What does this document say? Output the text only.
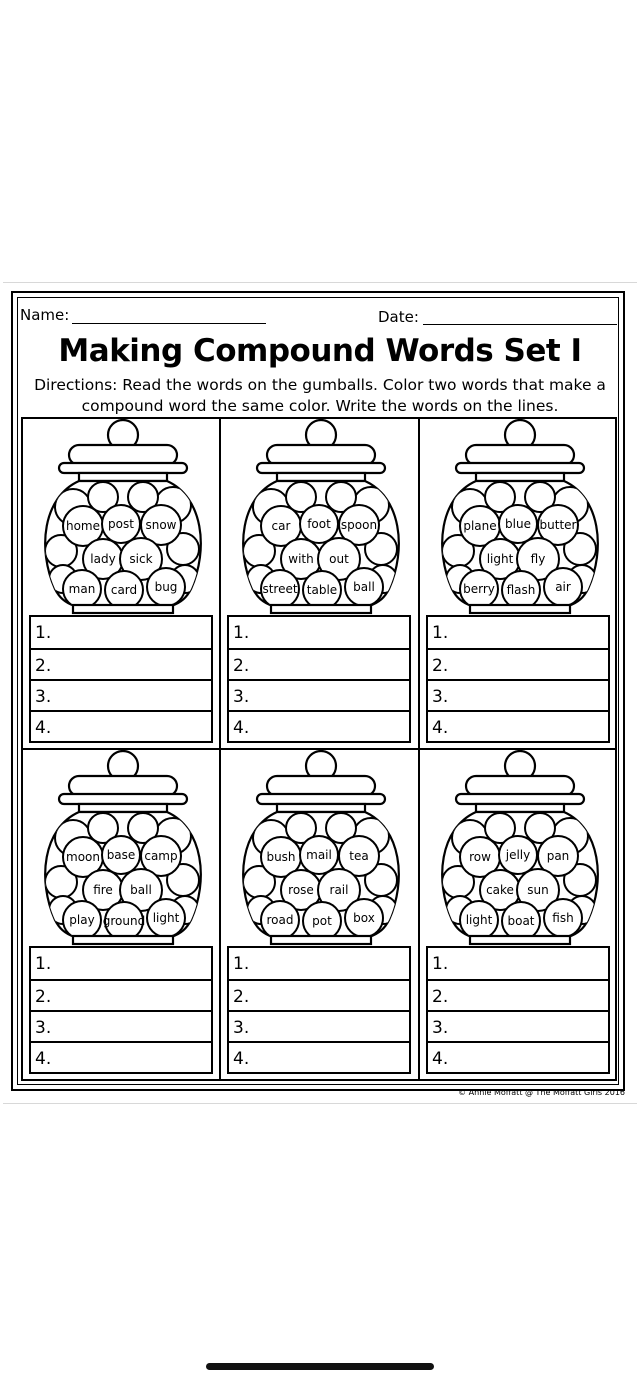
Name:	Date:
Making Compound Words Set I
Directions: Read the words on the gumballs. Color two words that make a compound word the same color. Write the words on the lines.
home post snow
lady sick
man card bug
1.
2.
3.
4.
car foot spoon
with out
street table ball
1.
2.
3.
4.
plane blue butter
light fly
berry flash air
1.
2.
3.
4.
moon base camp
fire ball
play ground light
1.
2.
3.
4.
bush mail tea
rose rail
road pot box
1.
2.
3.
4.
row jelly pan
cake sun
light boat fish
1.
2.
3.
4.
© Annie Moffatt @ The Moffatt Girls 2016
